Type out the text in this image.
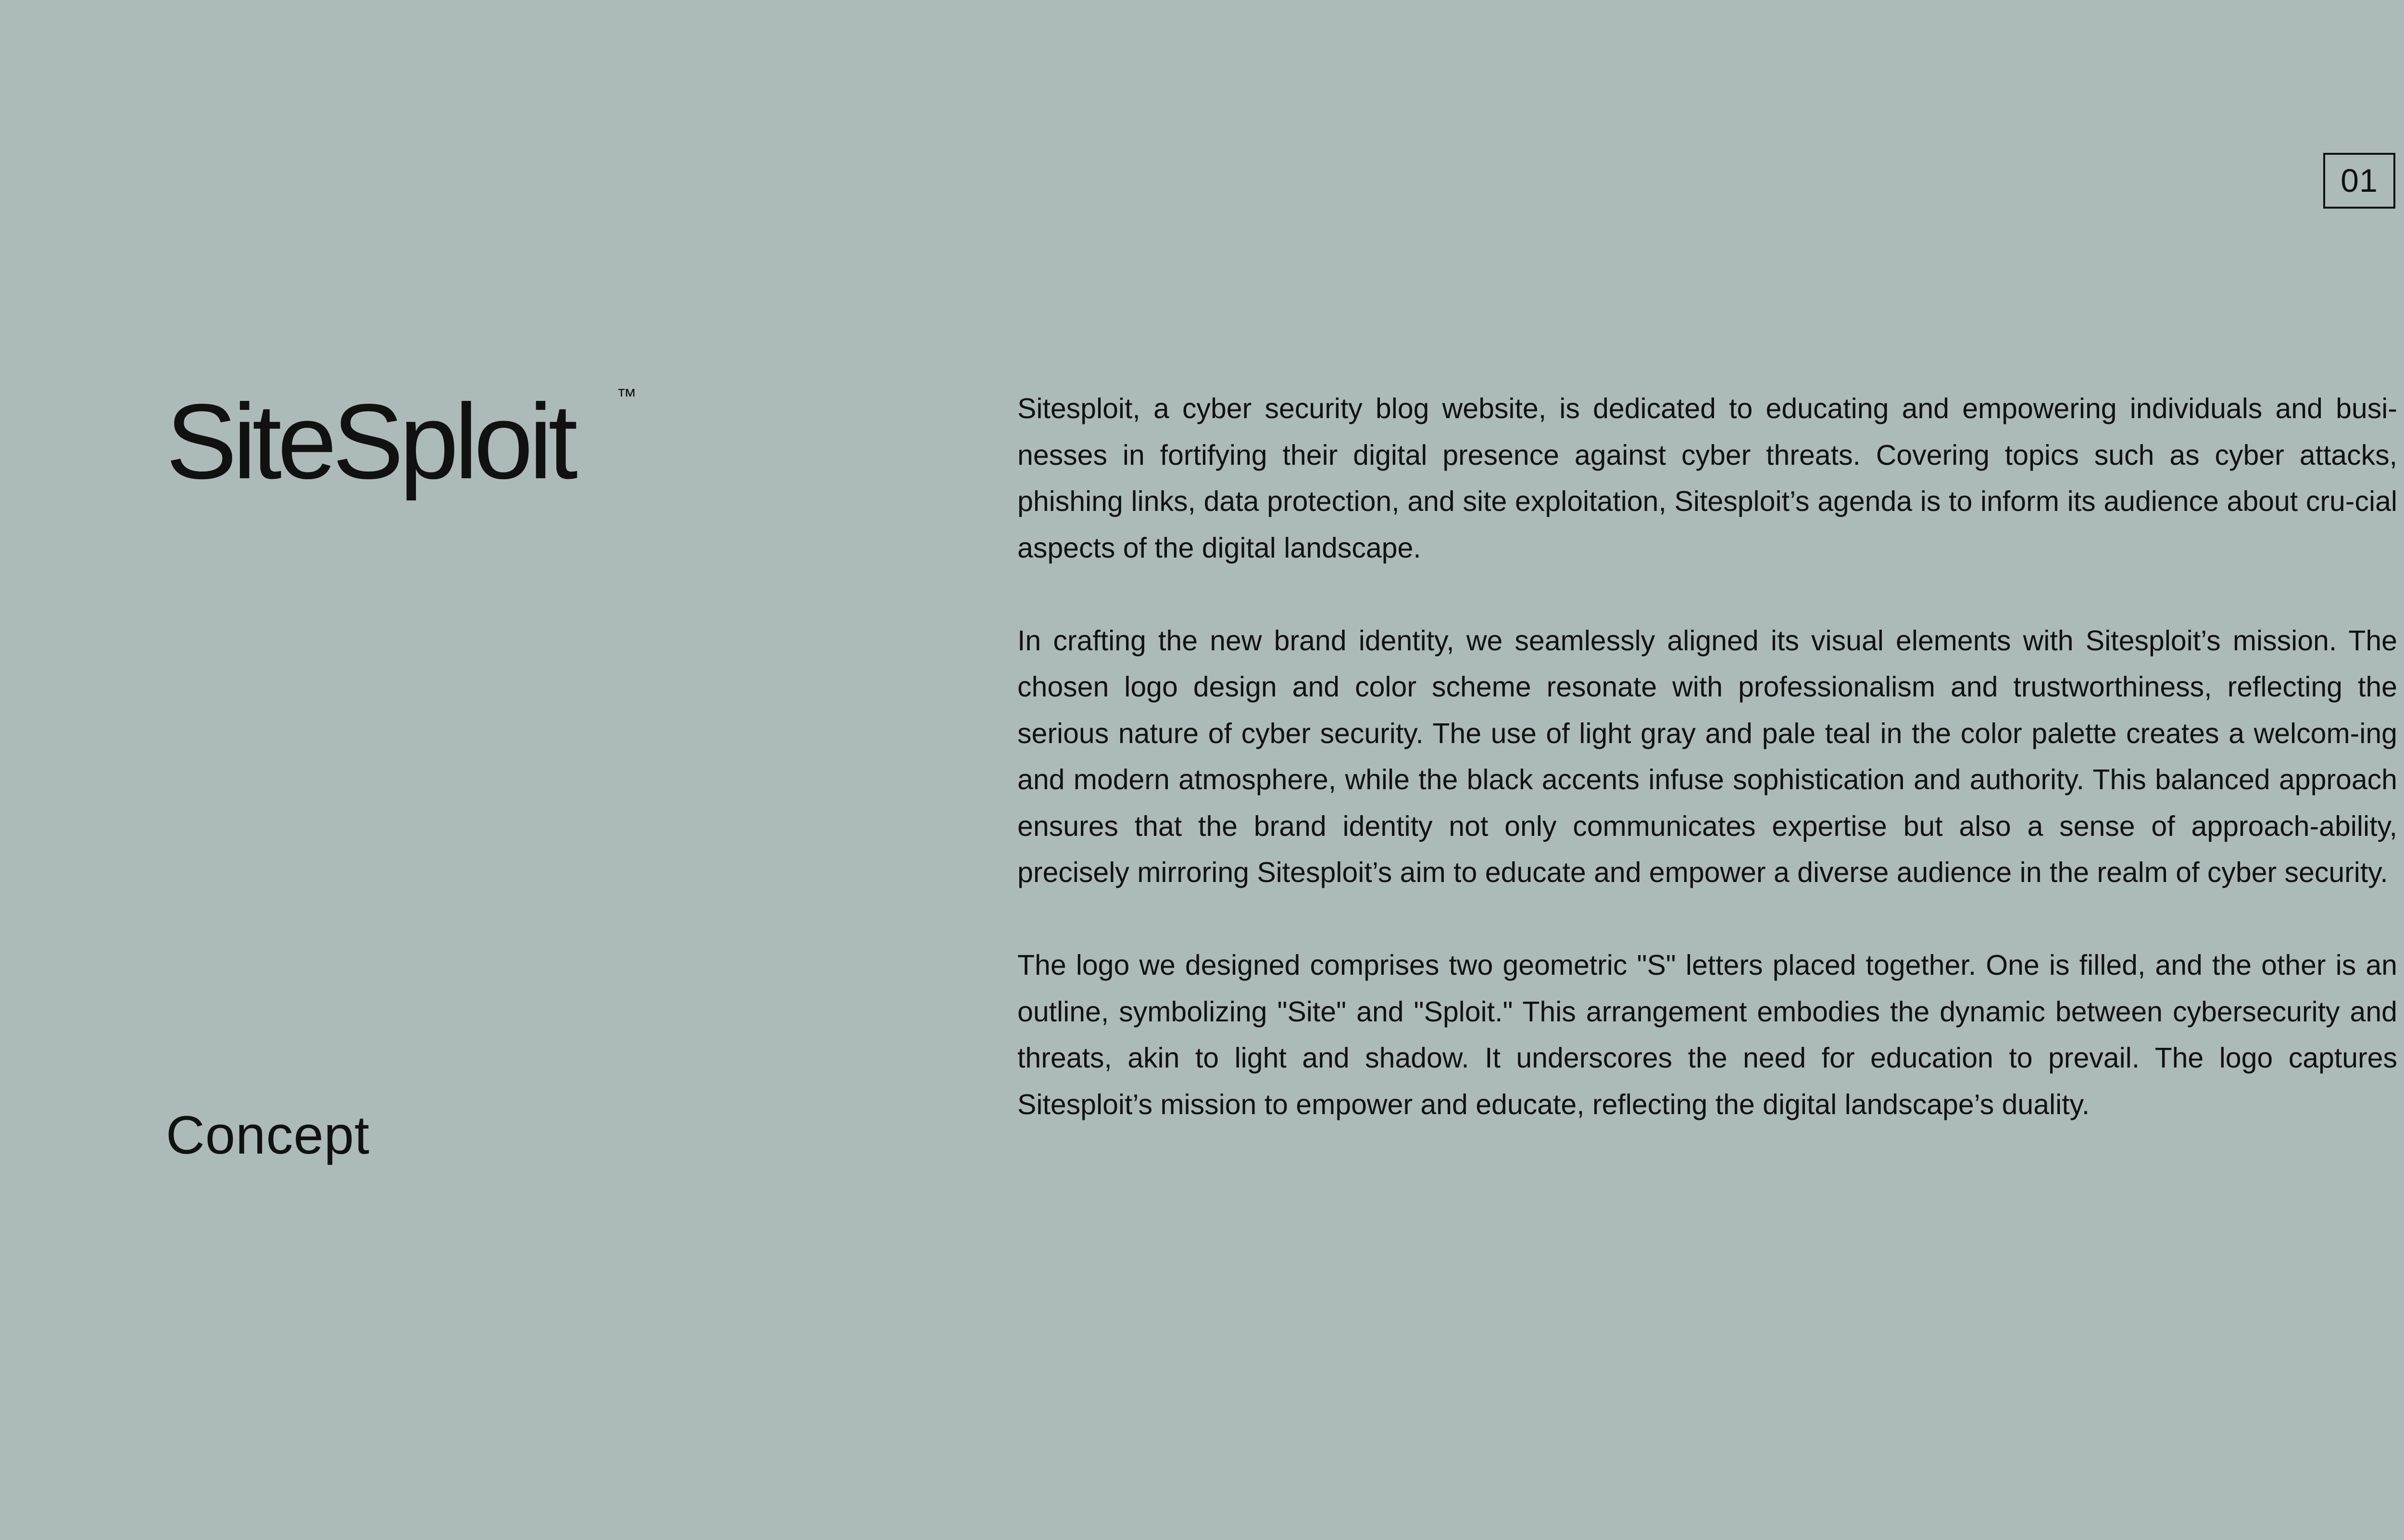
01
SiteSploit ™
Concept

Sitesploit, a cyber security blog website, is dedicated to educating and empowering individuals and busi-nesses in fortifying their digital presence against cyber threats. Covering topics such as cyber attacks, phishing links, data protection, and site exploitation, Sitesploit’s agenda is to inform its audience about cru-cial aspects of the digital landscape.

In crafting the new brand identity, we seamlessly aligned its visual elements with Sitesploit’s mission. The chosen logo design and color scheme resonate with professionalism and trustworthiness, reflecting the serious nature of cyber security. The use of light gray and pale teal in the color palette creates a welcom-ing and modern atmosphere, while the black accents infuse sophistication and authority. This balanced approach ensures that the brand identity not only communicates expertise but also a sense of approach-ability, precisely mirroring Sitesploit’s aim to educate and empower a diverse audience in the realm of cyber security.

The logo we designed comprises two geometric "S" letters placed together. One is filled, and the other is an outline, symbolizing "Site" and "Sploit." This arrangement embodies the dynamic between cybersecurity and threats, akin to light and shadow. It underscores the need for education to prevail. The logo captures Sitesploit’s mission to empower and educate, reflecting the digital landscape’s duality.
